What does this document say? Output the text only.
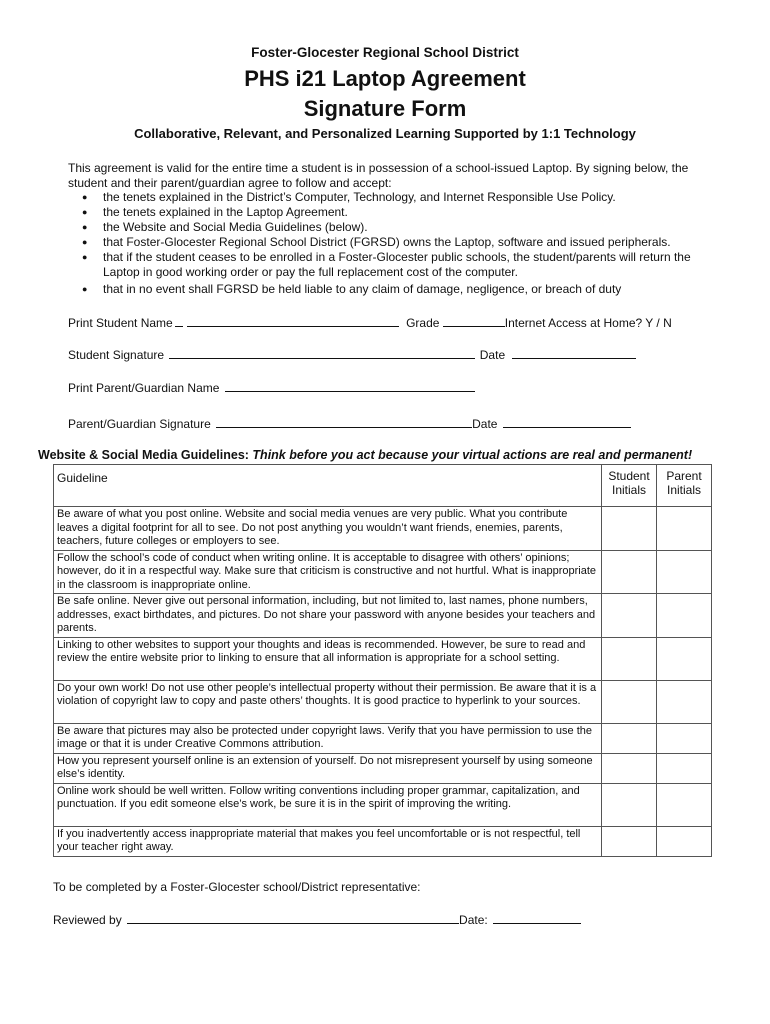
Foster-Glocester Regional School District
PHS i21 Laptop Agreement
Signature Form
Collaborative, Relevant, and Personalized Learning Supported by 1:1 Technology
This agreement is valid for the entire time a student is in possession of a school-issued Laptop. By signing below, the student and their parent/guardian agree to follow and accept:
● the tenets explained in the District’s Computer, Technology, and Internet Responsible Use Policy.
● the tenets explained in the Laptop Agreement.
● the Website and Social Media Guidelines (below).
● that Foster-Glocester Regional School District (FGRSD) owns the Laptop, software and issued peripherals.
● that if the student ceases to be enrolled in a Foster-Glocester public schools, the student/parents will return the Laptop in good working order or pay the full replacement cost of the computer.
● that in no event shall FGRSD be held liable to any claim of damage, negligence, or breach of duty
Print Student Name	Grade	Internet Access at Home? Y / N
Student Signature	Date
Print Parent/Guardian Name
Parent/Guardian Signature	Date
Website & Social Media Guidelines: Think before you act because your virtual actions are real and permanent!
Guideline	Student Initials	Parent Initials
Be aware of what you post online. Website and social media venues are very public. What you contribute leaves a digital footprint for all to see. Do not post anything you wouldn’t want friends, enemies, parents, teachers, future colleges or employers to see.		
Follow the school’s code of conduct when writing online. It is acceptable to disagree with others’ opinions; however, do it in a respectful way. Make sure that criticism is constructive and not hurtful. What is inappropriate in the classroom is inappropriate online.		
Be safe online. Never give out personal information, including, but not limited to, last names, phone numbers, addresses, exact birthdates, and pictures. Do not share your password with anyone besides your teachers and parents.		
Linking to other websites to support your thoughts and ideas is recommended. However, be sure to read and review the entire website prior to linking to ensure that all information is appropriate for a school setting.		
Do your own work! Do not use other people’s intellectual property without their permission. Be aware that it is a violation of copyright law to copy and paste others’ thoughts. It is good practice to hyperlink to your sources.		
Be aware that pictures may also be protected under copyright laws. Verify that you have permission to use the image or that it is under Creative Commons attribution.		
How you represent yourself online is an extension of yourself. Do not misrepresent yourself by using someone else’s identity.		
Online work should be well written. Follow writing conventions including proper grammar, capitalization, and punctuation. If you edit someone else’s work, be sure it is in the spirit of improving the writing.		
If you inadvertently access inappropriate material that makes you feel uncomfortable or is not respectful, tell your teacher right away.		
To be completed by a Foster-Glocester school/District representative:
Reviewed by	Date:
